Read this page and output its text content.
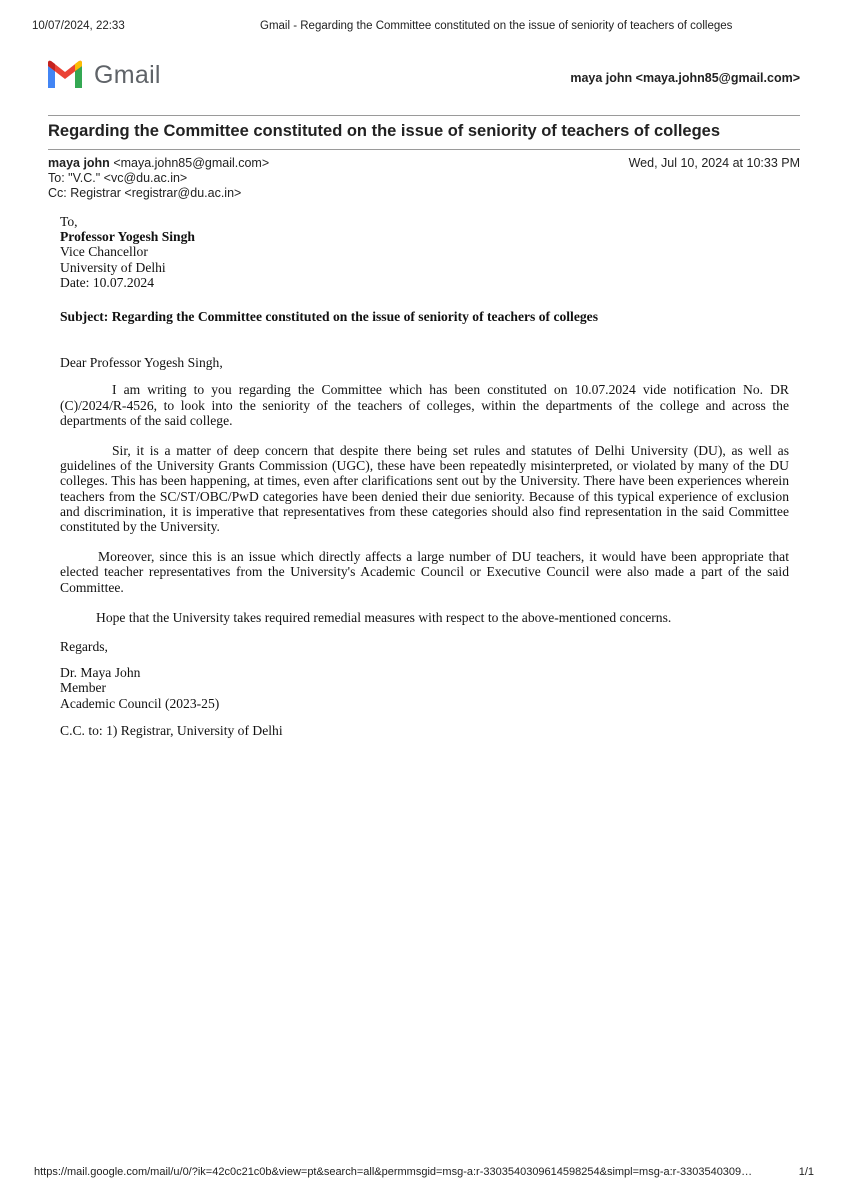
10/07/2024, 22:33	Gmail - Regarding the Committee constituted on the issue of seniority of teachers of colleges
Gmail	maya john <maya.john85@gmail.com>
Regarding the Committee constituted on the issue of seniority of teachers of colleges
maya john <maya.john85@gmail.com>
To: "V.C." <vc@du.ac.in>
Cc: Registrar <registrar@du.ac.in>
Wed, Jul 10, 2024 at 10:33 PM
To,
Professor Yogesh Singh
Vice Chancellor
University of Delhi
Date: 10.07.2024

Subject: Regarding the Committee constituted on the issue of seniority of teachers of colleges

Dear Professor Yogesh Singh,

I am writing to you regarding the Committee which has been constituted on 10.07.2024 vide notification No. DR (C)/2024/R-4526, to look into the seniority of the teachers of colleges, within the departments of the college and across the departments of the said college.

Sir, it is a matter of deep concern that despite there being set rules and statutes of Delhi University (DU), as well as guidelines of the University Grants Commission (UGC), these have been repeatedly misinterpreted, or violated by many of the DU colleges. This has been happening, at times, even after clarifications sent out by the University. There have been experiences wherein teachers from the SC/ST/OBC/PwD categories have been denied their due seniority. Because of this typical experience of exclusion and discrimination, it is imperative that representatives from these categories should also find representation in the said Committee constituted by the University.

Moreover, since this is an issue which directly affects a large number of DU teachers, it would have been appropriate that elected teacher representatives from the University's Academic Council or Executive Council were also made a part of the said Committee.

Hope that the University takes required remedial measures with respect to the above-mentioned concerns.

Regards,

Dr. Maya John
Member
Academic Council (2023-25)

C.C. to: 1) Registrar, University of Delhi

https://mail.google.com/mail/u/0/?ik=42c0c21c0b&view=pt&search=all&permmsgid=msg-a:r-3303540309614598254&simpl=msg-a:r-3303540309…	1/1
